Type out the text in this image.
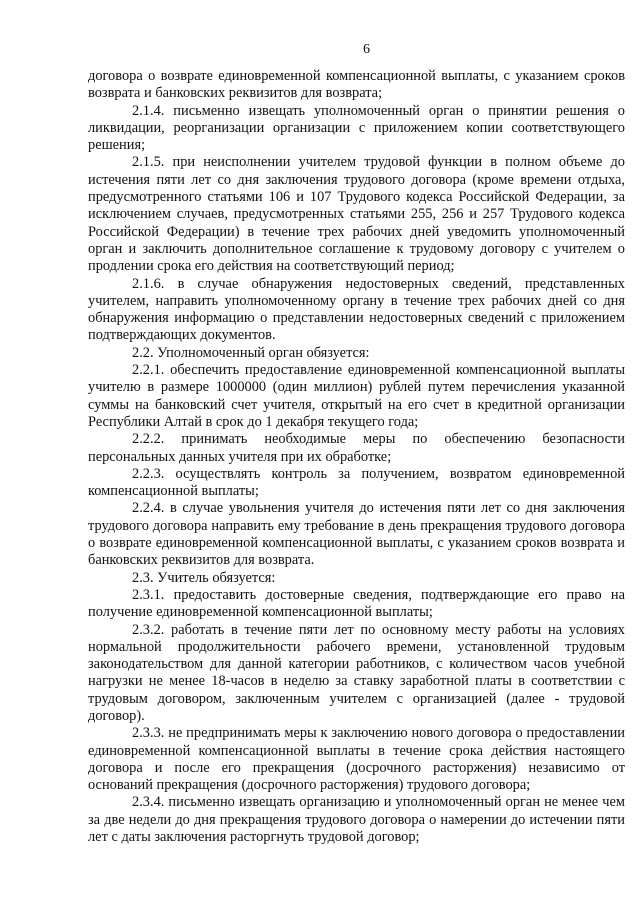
6

договора о возврате единовременной компенсационной выплаты, с указанием сроков возврата и банковских реквизитов для возврата;

2.1.4. письменно извещать уполномоченный орган о принятии решения о ликвидации, реорганизации организации с приложением копии соответствующего решения;

2.1.5. при неисполнении учителем трудовой функции в полном объеме до истечения пяти лет со дня заключения трудового договора (кроме времени отдыха, предусмотренного статьями 106 и 107 Трудового кодекса Российской Федерации, за исключением случаев, предусмотренных статьями 255, 256 и 257 Трудового кодекса Российской Федерации) в течение трех рабочих дней уведомить уполномоченный орган и заключить дополнительное соглашение к трудовому договору с учителем о продлении срока его действия на соответствующий период;

2.1.6. в случае обнаружения недостоверных сведений, представленных учителем, направить уполномоченному органу в течение трех рабочих дней со дня обнаружения информацию о представлении недостоверных сведений с приложением подтверждающих документов.

2.2. Уполномоченный орган обязуется:

2.2.1. обеспечить предоставление единовременной компенсационной выплаты учителю в размере 1000000 (один миллион) рублей путем перечисления указанной суммы на банковский счет учителя, открытый на его счет в кредитной организации Республики Алтай в срок до 1 декабря текущего года;

2.2.2. принимать необходимые меры по обеспечению безопасности персональных данных учителя при их обработке;

2.2.3. осуществлять контроль за получением, возвратом единовременной компенсационной выплаты;

2.2.4. в случае увольнения учителя до истечения пяти лет со дня заключения трудового договора направить ему требование в день прекращения трудового договора о возврате единовременной компенсационной выплаты, с указанием сроков возврата и банковских реквизитов для возврата.

2.3. Учитель обязуется:

2.3.1. предоставить достоверные сведения, подтверждающие его право на получение единовременной компенсационной выплаты;

2.3.2. работать в течение пяти лет по основному месту работы на условиях нормальной продолжительности рабочего времени, установленной трудовым законодательством для данной категории работников, с количеством часов учебной нагрузки не менее 18-часов в неделю за ставку заработной платы в соответствии с трудовым договором, заключенным учителем с организацией (далее - трудовой договор).

2.3.3. не предпринимать меры к заключению нового договора о предоставлении единовременной компенсационной выплаты в течение срока действия настоящего договора и после его прекращения (досрочного расторжения) независимо от оснований прекращения (досрочного расторжения) трудового договора;

2.3.4. письменно извещать организацию и уполномоченный орган не менее чем за две недели до дня прекращения трудового договора о намерении до истечении пяти лет с даты заключения расторгнуть трудовой договор;
